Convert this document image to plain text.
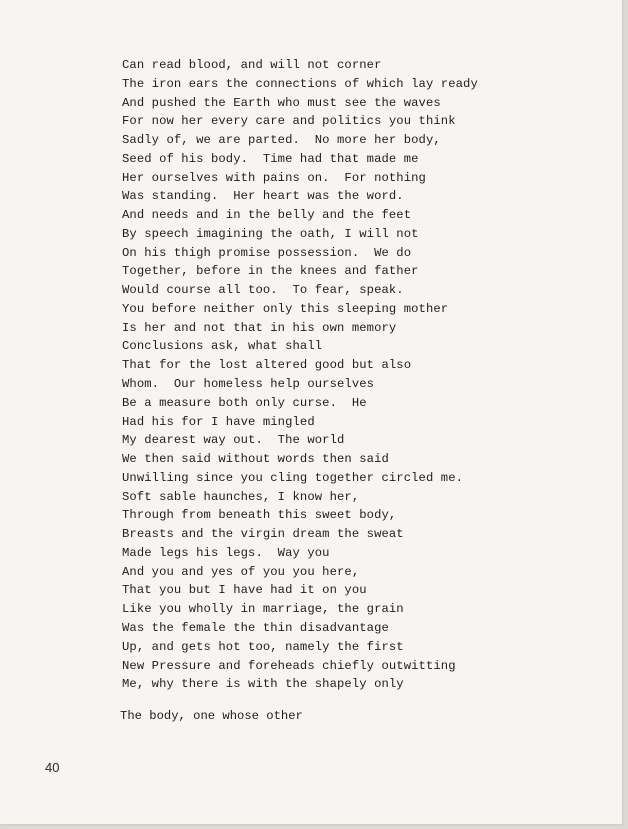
Can read blood, and will not corner
The iron ears the connections of which lay ready
And pushed the Earth who must see the waves
For now her every care and politics you think
Sadly of, we are parted.  No more her body,
Seed of his body.  Time had that made me
Her ourselves with pains on.  For nothing
Was standing.  Her heart was the word.
And needs and in the belly and the feet
By speech imagining the oath, I will not
On his thigh promise possession.  We do
Together, before in the knees and father
Would course all too.  To fear, speak.
You before neither only this sleeping mother
Is her and not that in his own memory
Conclusions ask, what shall
That for the lost altered good but also
Whom.  Our homeless help ourselves
Be a measure both only curse.  He
Had his for I have mingled
My dearest way out.  The world
We then said without words then said
Unwilling since you cling together circled me.
Soft sable haunches, I know her,
Through from beneath this sweet body,
Breasts and the virgin dream the sweat
Made legs his legs.  Way you
And you and yes of you you here,
That you but I have had it on you
Like you wholly in marriage, the grain
Was the female the thin disadvantage
Up, and gets hot too, namely the first
New Pressure and foreheads chiefly outwitting
Me, why there is with the shapely only
The body, one whose other
40
